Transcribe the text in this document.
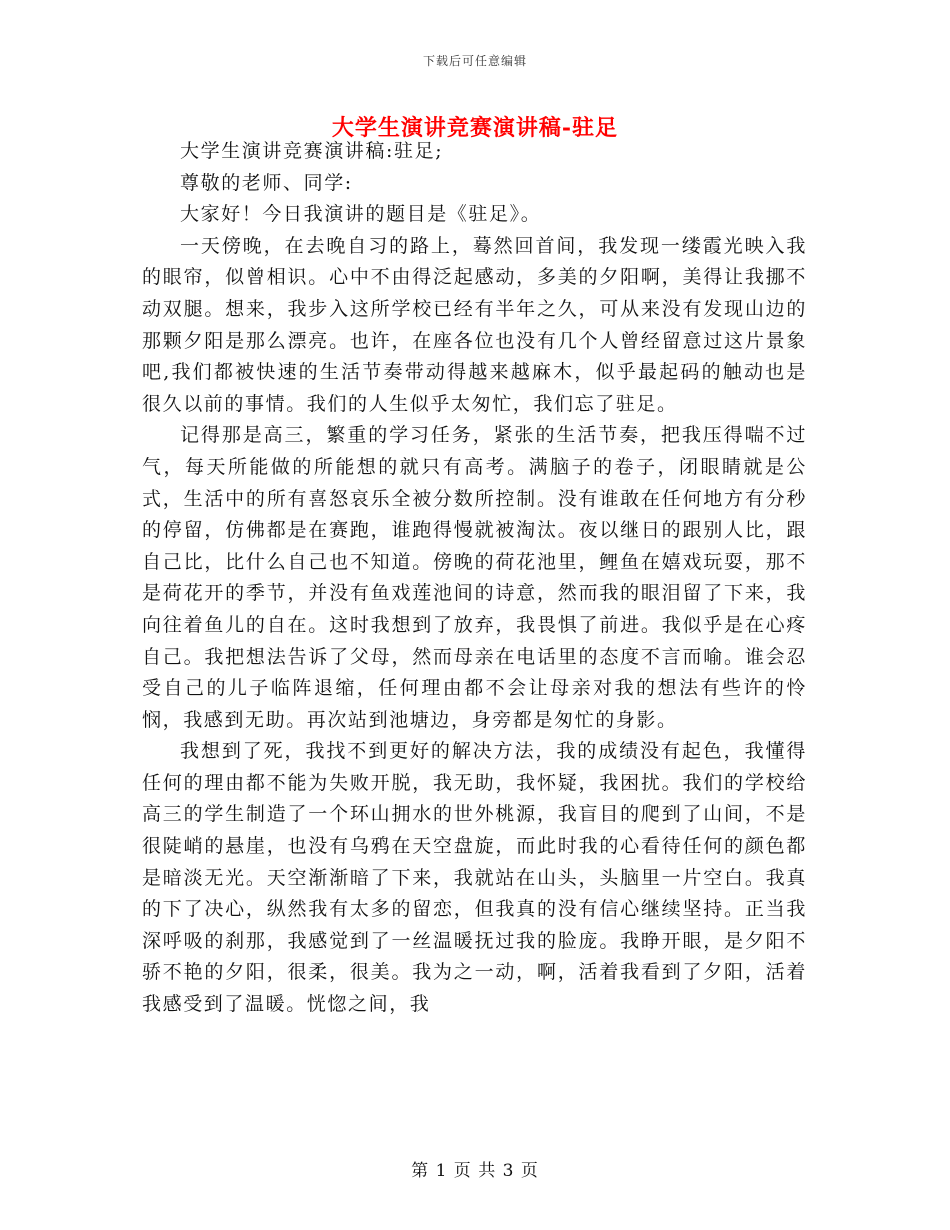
下载后可任意编辑
大学生演讲竞赛演讲稿-驻足

大学生演讲竞赛演讲稿:驻足;

尊敬的老师、同学:

大家好！今日我演讲的题目是《驻足》。

一天傍晚，在去晚自习的路上，蓦然回首间，我发现一缕霞光映入我的眼帘，似曾相识。心中不由得泛起感动，多美的夕阳啊，美得让我挪不动双腿。想来，我步入这所学校已经有半年之久，可从来没有发现山边的那颗夕阳是那么漂亮。也许，在座各位也没有几个人曾经留意过这片景象吧,我们都被快速的生活节奏带动得越来越麻木，似乎最起码的触动也是很久以前的事情。我们的人生似乎太匆忙，我们忘了驻足。

记得那是高三，繁重的学习任务，紧张的生活节奏，把我压得喘不过气，每天所能做的所能想的就只有高考。满脑子的卷子，闭眼睛就是公式，生活中的所有喜怒哀乐全被分数所控制。没有谁敢在任何地方有分秒的停留，仿佛都是在赛跑，谁跑得慢就被淘汰。夜以继日的跟别人比，跟自己比，比什么自己也不知道。傍晚的荷花池里，鲤鱼在嬉戏玩耍，那不是荷花开的季节，并没有鱼戏莲池间的诗意，然而我的眼泪留了下来，我向往着鱼儿的自在。这时我想到了放弃，我畏惧了前进。我似乎是在心疼自己。我把想法告诉了父母，然而母亲在电话里的态度不言而喻。谁会忍受自己的儿子临阵退缩，任何理由都不会让母亲对我的想法有些许的怜悯，我感到无助。再次站到池塘边，身旁都是匆忙的身影。

我想到了死，我找不到更好的解决方法，我的成绩没有起色，我懂得任何的理由都不能为失败开脱，我无助，我怀疑，我困扰。我们的学校给高三的学生制造了一个环山拥水的世外桃源，我盲目的爬到了山间，不是很陡峭的悬崖，也没有乌鸦在天空盘旋，而此时我的心看待任何的颜色都是暗淡无光。天空渐渐暗了下来，我就站在山头，头脑里一片空白。我真的下了决心，纵然我有太多的留恋，但我真的没有信心继续坚持。正当我深呼吸的刹那，我感觉到了一丝温暖抚过我的脸庞。我睁开眼，是夕阳不骄不艳的夕阳，很柔，很美。我为之一动，啊，活着我看到了夕阳，活着我感受到了温暖。恍惚之间，我

第 1 页 共 3 页
